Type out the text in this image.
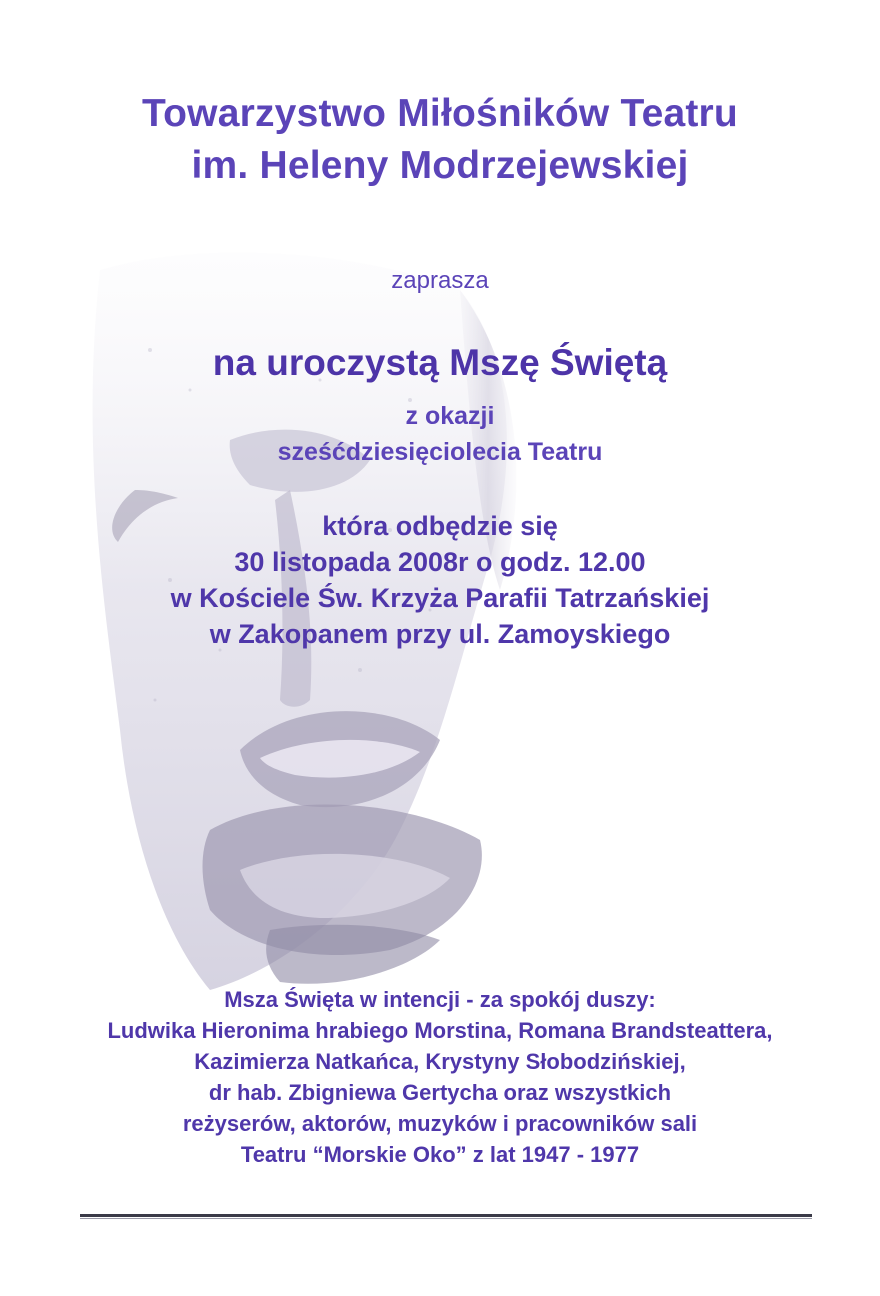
Towarzystwo Miłośników Teatru
im. Heleny Modrzejewskiej
zaprasza
na uroczystą Mszę Świętą
z okazji
sześćdziesięciolecia Teatru
która odbędzie się
30 listopada 2008r o godz. 12.00
w Kościele Św. Krzyża Parafii Tatrzańskiej
w Zakopanem przy ul. Zamoyskiego
Msza Święta w intencji - za spokój duszy:
Ludwika Hieronima hrabiego Morstina, Romana Brandsteattera,
Kazimierza Natkańca, Krystyny Słobodzińskiej,
dr hab. Zbigniewa Gertycha oraz wszystkich
reżyserów, aktorów, muzyków i pracowników sali
Teatru “Morskie Oko” z lat 1947 - 1977
